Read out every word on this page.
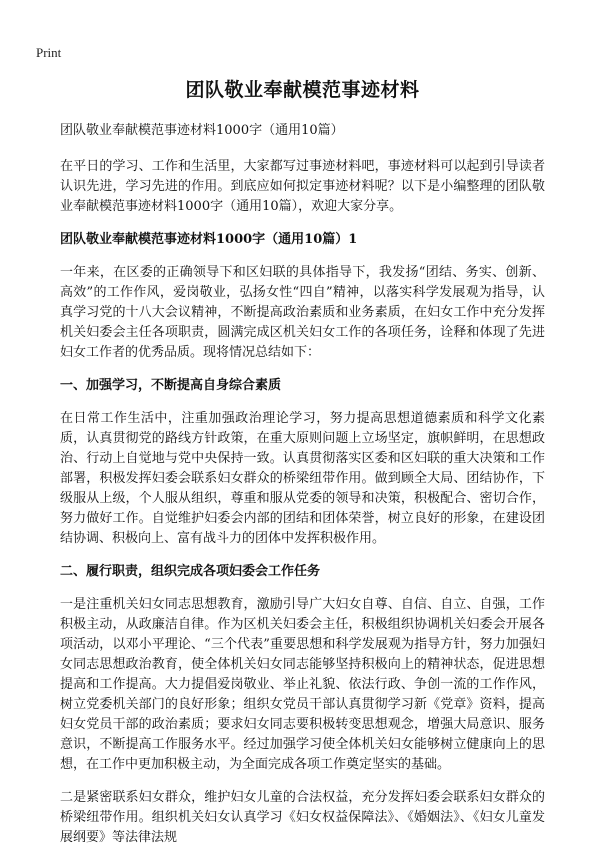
Print
团队敬业奉献模范事迹材料
团队敬业奉献模范事迹材料1000字（通用10篇）

在平日的学习、工作和生活里，大家都写过事迹材料吧，事迹材料可以起到引导读者认识先进，学习先进的作用。到底应如何拟定事迹材料呢？以下是小编整理的团队敬业奉献模范事迹材料1000字（通用10篇），欢迎大家分享。

团队敬业奉献模范事迹材料1000字（通用10篇）1

一年来，在区委的正确领导下和区妇联的具体指导下，我发扬“团结、务实、创新、高效”的工作作风，爱岗敬业，弘扬女性“四自”精神，以落实科学发展观为指导，认真学习党的十八大会议精神，不断提高政治素质和业务素质，在妇女工作中充分发挥机关妇委会主任各项职责，圆满完成区机关妇女工作的各项任务，诠释和体现了先进妇女工作者的优秀品质。现将情况总结如下：

一、加强学习，不断提高自身综合素质

在日常工作生活中，注重加强政治理论学习，努力提高思想道德素质和科学文化素质，认真贯彻党的路线方针政策，在重大原则问题上立场坚定，旗帜鲜明，在思想政治、行动上自觉地与党中央保持一致。认真贯彻落实区委和区妇联的重大决策和工作部署，积极发挥妇委会联系妇女群众的桥梁纽带作用。做到顾全大局、团结协作，下级服从上级，个人服从组织，尊重和服从党委的领导和决策，积极配合、密切合作，努力做好工作。自觉维护妇委会内部的团结和团体荣誉，树立良好的形象，在建设团结协调、积极向上、富有战斗力的团体中发挥积极作用。

二、履行职责，组织完成各项妇委会工作任务

一是注重机关妇女同志思想教育，激励引导广大妇女自尊、自信、自立、自强，工作积极主动，从政廉洁自律。作为区机关妇委会主任，积极组织协调机关妇委会开展各项活动，以邓小平理论、“三个代表”重要思想和科学发展观为指导方针，努力加强妇女同志思想政治教育，使全体机关妇女同志能够坚持积极向上的精神状态，促进思想提高和工作提高。大力提倡爱岗敬业、举止礼貌、依法行政、争创一流的工作作风，树立党委机关部门的良好形象；组织女党员干部认真贯彻学习新《党章》资料，提高妇女党员干部的政治素质；要求妇女同志要积极转变思想观念，增强大局意识、服务意识，不断提高工作服务水平。经过加强学习使全体机关妇女能够树立健康向上的思想，在工作中更加积极主动，为全面完成各项工作奠定坚实的基础。

二是紧密联系妇女群众，维护妇女儿童的合法权益，充分发挥妇委会联系妇女群众的桥梁纽带作用。组织机关妇女认真学习《妇女权益保障法》、《婚姻法》、《妇女儿童发展纲要》等法律法规
